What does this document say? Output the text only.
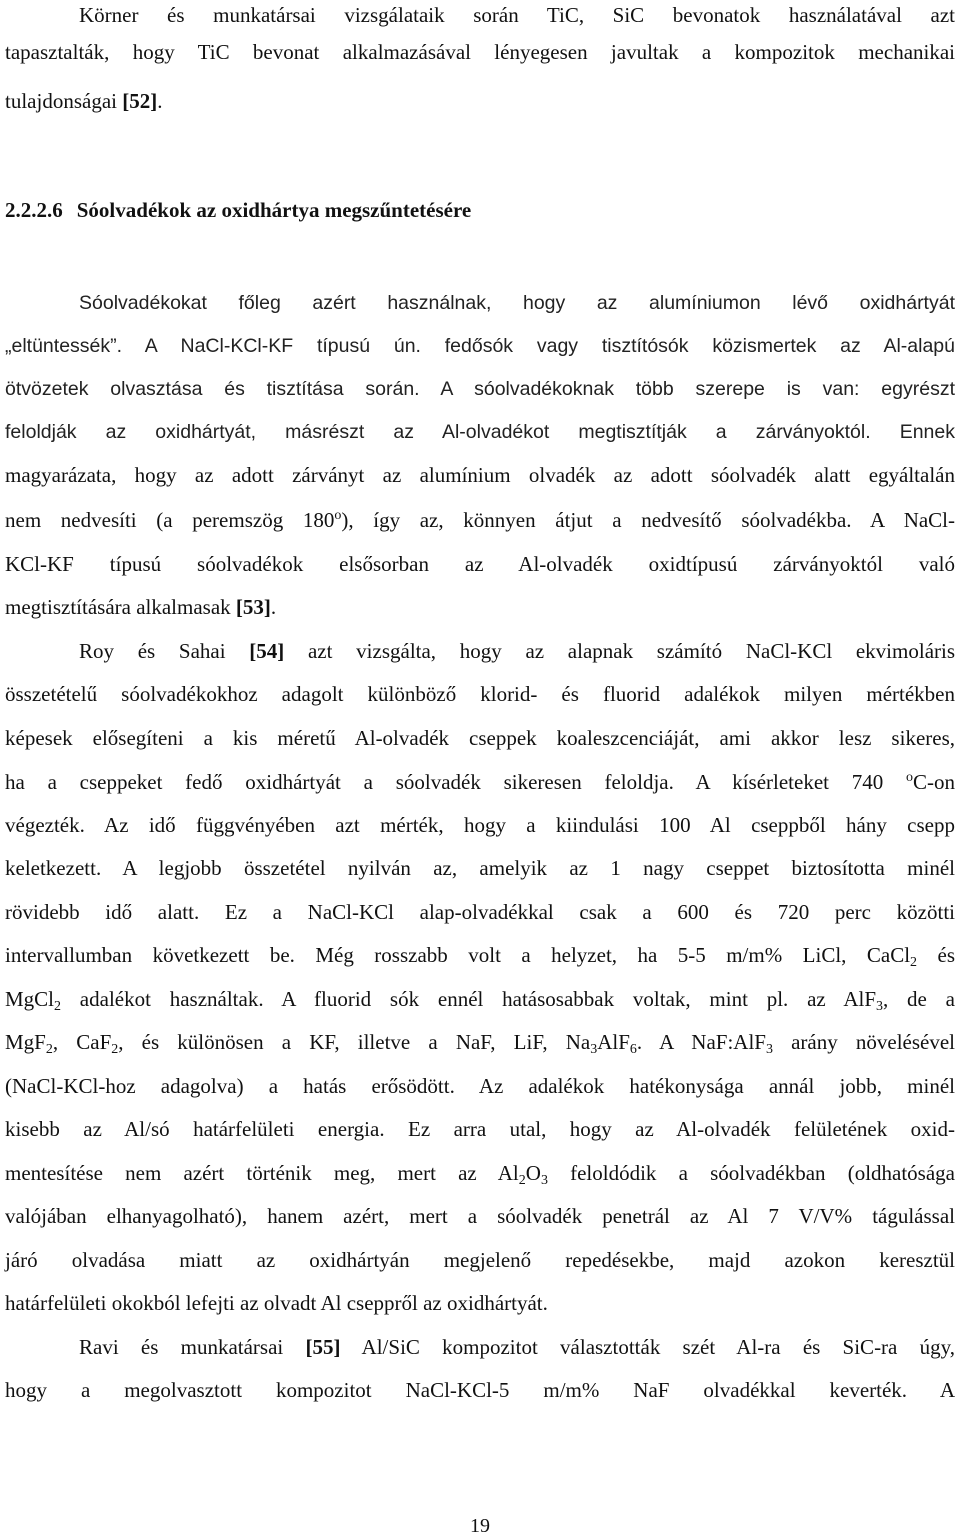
Körner és munkatársai vizsgálataik során TiC, SiC bevonatok használatával azt
tapasztalták, hogy TiC bevonat alkalmazásával lényegesen javultak a kompozitok mechanikai
tulajdonságai [52].
2.2.2.6 Sóolvadékok az oxidhártya megszűntetésére
Sóolvadékokat főleg azért használnak, hogy az alumíniumon lévő oxidhártyát
„eltüntessék”. A NaCl-KCl-KF típusú ún. fedősók vagy tisztítósók közismertek az Al-alapú
ötvözetek olvasztása és tisztítása során. A sóolvadékoknak több szerepe is van: egyrészt
feloldják az oxidhártyát, másrészt az Al-olvadékot megtisztítják a zárványoktól. Ennek
magyarázata, hogy az adott zárványt az alumínium olvadék az adott sóolvadék alatt egyáltalán
nem nedvesíti (a peremszög 180$^o$), így az, könnyen átjut a nedvesítő sóolvadékba. A NaCl-
KCl-KF típusú sóolvadékok elsősorban az Al-olvadék oxidtípusú zárványoktól való
megtisztítására alkalmasak [53].
Roy és Sahai [54] azt vizsgálta, hogy az alapnak számító NaCl-KCl ekvimoláris
összetételű sóolvadékokhoz adagolt különböző klorid- és fluorid adalékok milyen mértékben
képesek elősegíteni a kis méretű Al-olvadék cseppek koaleszcenciáját, ami akkor lesz sikeres,
ha a cseppeket fedő oxidhártyát a sóolvadék sikeresen feloldja. A kísérleteket 740 $^o$C-on
végezték. Az idő függvényében azt mérték, hogy a kiindulási 100 Al cseppből hány csepp
keletkezett. A legjobb összetétel nyilván az, amelyik az 1 nagy cseppet biztosította minél
rövidebb idő alatt. Ez a NaCl-KCl alap-olvadékkal csak a 600 és 720 perc közötti
intervallumban következett be. Még rosszabb volt a helyzet, ha 5-5 m/m% LiCl, CaCl$_2$ és
MgCl$_2$ adalékot használtak. A fluorid sók ennél hatásosabbak voltak, mint pl. az AlF$_3$, de a
MgF$_2$, CaF$_2$, és különösen a KF, illetve a NaF, LiF, $Na_3AlF_6$. A NaF:AlF$_3$ arány növelésével
(NaCl-KCl-hoz adagolva) a hatás erősödött. Az adalékok hatékonysága annál jobb, minél
kisebb az Al/só határfelületi energia. Ez arra utal, hogy az Al-olvadék felületének oxid-
mentesítése nem azért történik meg, mert az $Al_2O_3$ feloldódik a sóolvadékban (oldhatósága
valójában elhanyagolható), hanem azért, mert a sóolvadék penetrál az Al 7 V/V% tágulással
járó olvadása miatt az oxidhártyán megjelenő repedésekbe, majd azokon keresztül
határfelületi okokból lefejti az olvadt Al cseppről az oxidhártyát.
Ravi és munkatársai [55] Al/SiC kompozitot választották szét Al-ra és SiC-ra úgy,
hogy a megolvasztott kompozitot NaCl-KCl-5 m/m% NaF olvadékkal keverték. A
19
